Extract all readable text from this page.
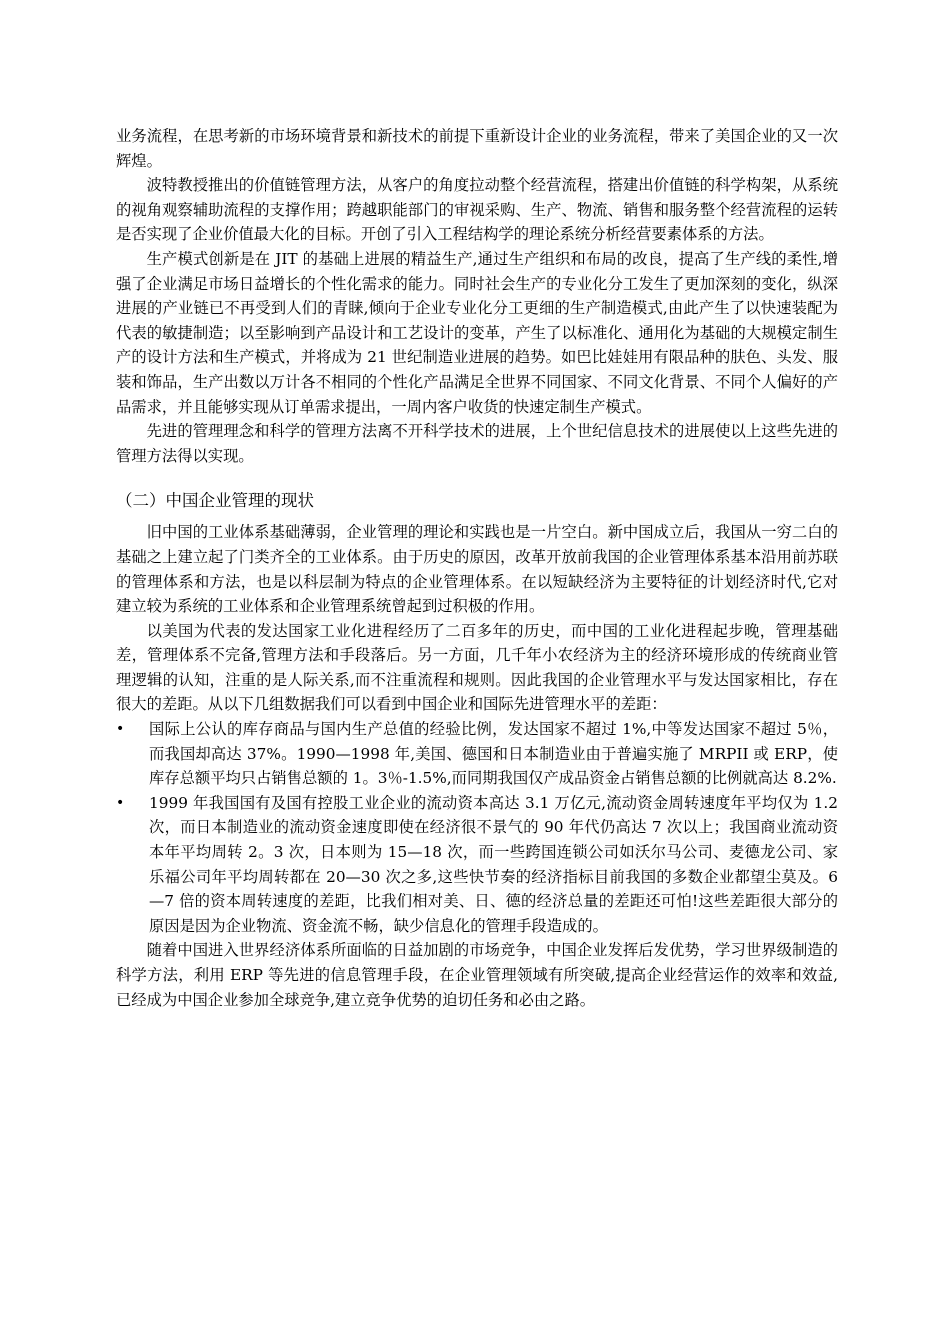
业务流程，在思考新的市场环境背景和新技术的前提下重新设计企业的业务流程，带来了美国企业的又一次辉煌。

波特教授推出的价值链管理方法，从客户的角度拉动整个经营流程，搭建出价值链的科学构架，从系统的视角观察辅助流程的支撑作用；跨越职能部门的审视采购、生产、物流、销售和服务整个经营流程的运转是否实现了企业价值最大化的目标。开创了引入工程结构学的理论系统分析经营要素体系的方法。

生产模式创新是在 JIT 的基础上进展的精益生产,通过生产组织和布局的改良，提高了生产线的柔性,增强了企业满足市场日益增长的个性化需求的能力。同时社会生产的专业化分工发生了更加深刻的变化，纵深进展的产业链已不再受到人们的青睐,倾向于企业专业化分工更细的生产制造模式,由此产生了以快速装配为代表的敏捷制造；以至影响到产品设计和工艺设计的变革，产生了以标准化、通用化为基础的大规模定制生产的设计方法和生产模式，并将成为 21 世纪制造业进展的趋势。如巴比娃娃用有限品种的肤色、头发、服装和饰品，生产出数以万计各不相同的个性化产品满足全世界不同国家、不同文化背景、不同个人偏好的产品需求，并且能够实现从订单需求提出，一周内客户收货的快速定制生产模式。

先进的管理理念和科学的管理方法离不开科学技术的进展，上个世纪信息技术的进展使以上这些先进的管理方法得以实现。

（二）中国企业管理的现状

旧中国的工业体系基础薄弱，企业管理的理论和实践也是一片空白。新中国成立后，我国从一穷二白的基础之上建立起了门类齐全的工业体系。由于历史的原因，改革开放前我国的企业管理体系基本沿用前苏联的管理体系和方法，也是以科层制为特点的企业管理体系。在以短缺经济为主要特征的计划经济时代,它对建立较为系统的工业体系和企业管理系统曾起到过积极的作用。

以美国为代表的发达国家工业化进程经历了二百多年的历史，而中国的工业化进程起步晚，管理基础差，管理体系不完备,管理方法和手段落后。另一方面，几千年小农经济为主的经济环境形成的传统商业管理逻辑的认知，注重的是人际关系,而不注重流程和规则。因此我国的企业管理水平与发达国家相比，存在很大的差距。从以下几组数据我们可以看到中国企业和国际先进管理水平的差距：

•	国际上公认的库存商品与国内生产总值的经验比例，发达国家不超过 1%,中等发达国家不超过 5％，而我国却高达 37%。1990—1998 年,美国、德国和日本制造业由于普遍实施了 MRPII 或 ERP，使库存总额平均只占销售总额的 1。3％-1.5%,而同期我国仅产成品资金占销售总额的比例就高达 8.2%.
•	1999 年我国国有及国有控股工业企业的流动资本高达 3.1 万亿元,流动资金周转速度年平均仅为 1.2 次，而日本制造业的流动资金速度即使在经济很不景气的 90 年代仍高达 7 次以上；我国商业流动资本年平均周转 2。3 次，日本则为 15—18 次，而一些跨国连锁公司如沃尔马公司、麦德龙公司、家乐福公司年平均周转都在 20—30 次之多,这些快节奏的经济指标目前我国的多数企业都望尘莫及。6—7 倍的资本周转速度的差距，比我们相对美、日、德的经济总量的差距还可怕!这些差距很大部分的原因是因为企业物流、资金流不畅，缺少信息化的管理手段造成的。

随着中国进入世界经济体系所面临的日益加剧的市场竞争，中国企业发挥后发优势，学习世界级制造的科学方法，利用 ERP 等先进的信息管理手段，在企业管理领域有所突破,提高企业经营运作的效率和效益,已经成为中国企业参加全球竞争,建立竞争优势的迫切任务和必由之路。
